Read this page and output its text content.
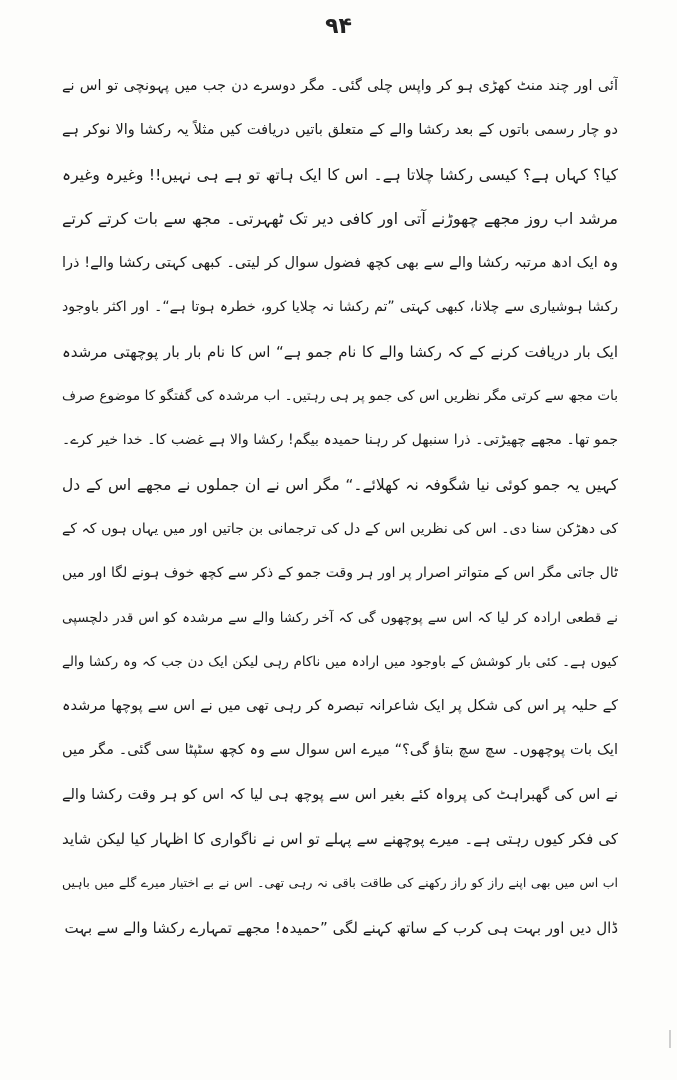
۹۴
آئی اور چند منٹ کھڑی ہو کر واپس چلی گئی۔ مگر دوسرے دن جب میں پہونچی تو اس نے
دو چار رسمی باتوں کے بعد رکشا والے کے متعلق باتیں دریافت کیں مثلاً یہ رکشا والا نوکر ہے
کیا؟ کہاں ہے؟ کیسی رکشا چلاتا ہے۔ اس کا ایک ہاتھ تو ہے ہی نہیں!! وغیرہ وغیرہ
مرشد اب روز مجھے چھوڑنے آتی اور کافی دیر تک ٹھہرتی۔ مجھ سے بات کرتے کرتے
وہ ایک ادھ مرتبہ رکشا والے سے بھی کچھ فضول سوال کر لیتی۔ کبھی کہتی رکشا والے! ذرا
رکشا ہوشیاری سے چلانا، کبھی کہتی ”تم رکشا نہ چلایا کرو، خطرہ ہوتا ہے“۔ اور اکثر باوجود
ایک بار دریافت کرنے کے کہ رکشا والے کا نام جمو ہے“ اس کا نام بار بار پوچھتی مرشدہ
بات مجھ سے کرتی مگر نظریں اس کی جمو پر ہی رہتیں۔ اب مرشدہ کی گفتگو کا موضوع صرف
جمو تھا۔ مجھے چھیڑتی۔ ذرا سنبھل کر رہنا حمیدہ بیگم! رکشا والا ہے غضب کا۔ خدا خیر کرے۔
کہیں یہ جمو کوئی نیا شگوفہ نہ کھلائے۔“ مگر اس نے ان جملوں نے مجھے اس کے دل
کی دھڑکن سنا دی۔ اس کی نظریں اس کے دل کی ترجمانی بن جاتیں اور میں یہاں ہوں کہ کے
ٹال جاتی مگر اس کے متواتر اصرار پر اور ہر وقت جمو کے ذکر سے کچھ خوف ہونے لگا اور میں
نے قطعی ارادہ کر لیا کہ اس سے پوچھوں گی کہ آخر رکشا والے سے مرشدہ کو اس قدر دلچسپی
کیوں ہے۔ کئی بار کوشش کے باوجود میں ارادہ میں ناکام رہی لیکن ایک دن جب کہ وہ رکشا والے
کے حلیہ پر اس کی شکل پر ایک شاعرانہ تبصرہ کر رہی تھی میں نے اس سے پوچھا مرشدہ
ایک بات پوچھوں۔ سچ سچ بتاؤ گی؟“ میرے اس سوال سے وہ کچھ سٹپٹا سی گئی۔ مگر میں
نے اس کی گھبراہٹ کی پرواہ کئے بغیر اس سے پوچھ ہی لیا کہ اس کو ہر وقت رکشا والے
کی فکر کیوں رہتی ہے۔ میرے پوچھنے سے پہلے تو اس نے ناگواری کا اظہار کیا لیکن شاید
اب اس میں بھی اپنے راز کو راز رکھنے کی طاقت باقی نہ رہی تھی۔ اس نے بے اختیار میرے گلے میں باہیں
ڈال دیں اور بہت ہی کرب کے ساتھ کہنے لگی ”حمیدہ! مجھے تمہارے رکشا والے سے بہت
